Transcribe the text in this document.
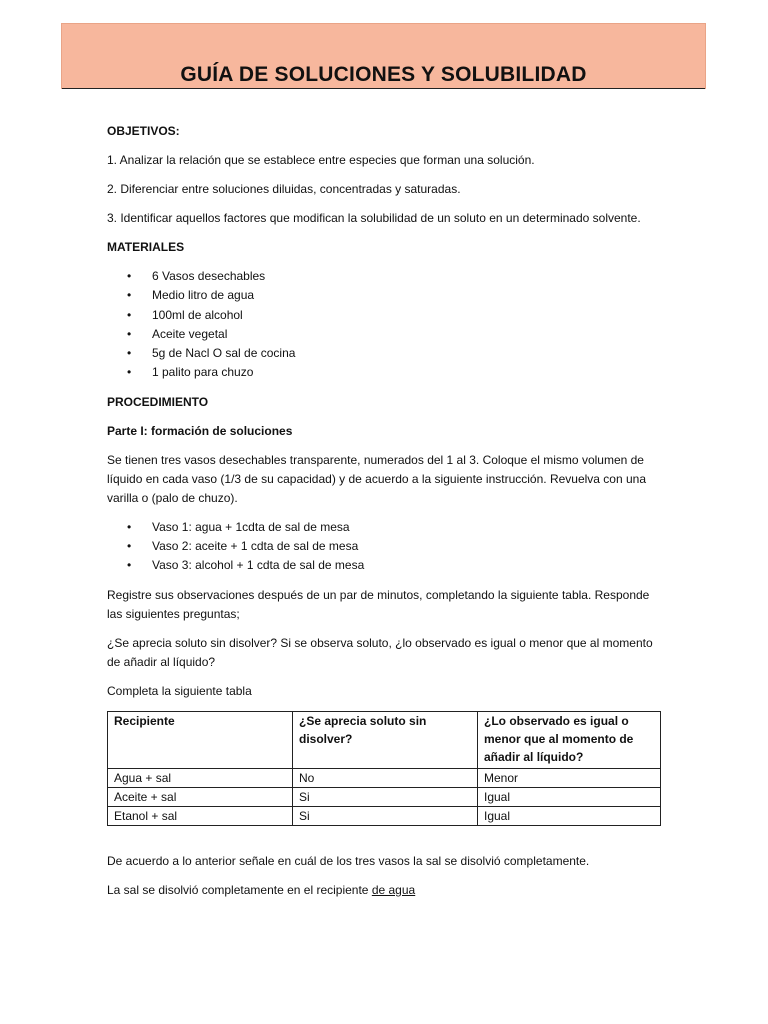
GUÍA DE SOLUCIONES Y SOLUBILIDAD

OBJETIVOS:

1. Analizar la relación que se establece entre especies que forman una solución.

2. Diferenciar entre soluciones diluidas, concentradas y saturadas.

3. Identificar aquellos factores que modifican la solubilidad de un soluto en un determinado solvente.

MATERIALES

• 6 Vasos desechables
• Medio litro de agua
• 100ml de alcohol
• Aceite vegetal
• 5g de Nacl O sal de cocina
• 1 palito para chuzo

PROCEDIMIENTO

Parte I: formación de soluciones

Se tienen tres vasos desechables transparente, numerados del 1 al 3. Coloque el mismo volumen de líquido en cada vaso (1/3 de su capacidad) y de acuerdo a la siguiente instrucción. Revuelva con una varilla o (palo de chuzo).

• Vaso 1: agua + 1cdta de sal de mesa
• Vaso 2: aceite + 1 cdta de sal de mesa
• Vaso 3: alcohol + 1 cdta de sal de mesa

Registre sus observaciones después de un par de minutos, completando la siguiente tabla. Responde las siguientes preguntas;

¿Se aprecia soluto sin disolver? Si se observa soluto, ¿lo observado es igual o menor que al momento de añadir al líquido?

Completa la siguiente tabla

Recipiente	¿Se aprecia soluto sin disolver?	¿Lo observado es igual o menor que al momento de añadir al líquido?
Agua + sal	No	Menor
Aceite + sal	Si	Igual
Etanol + sal	Si	Igual

De acuerdo a lo anterior señale en cuál de los tres vasos la sal se disolvió completamente.

La sal se disolvió completamente en el recipiente de agua
